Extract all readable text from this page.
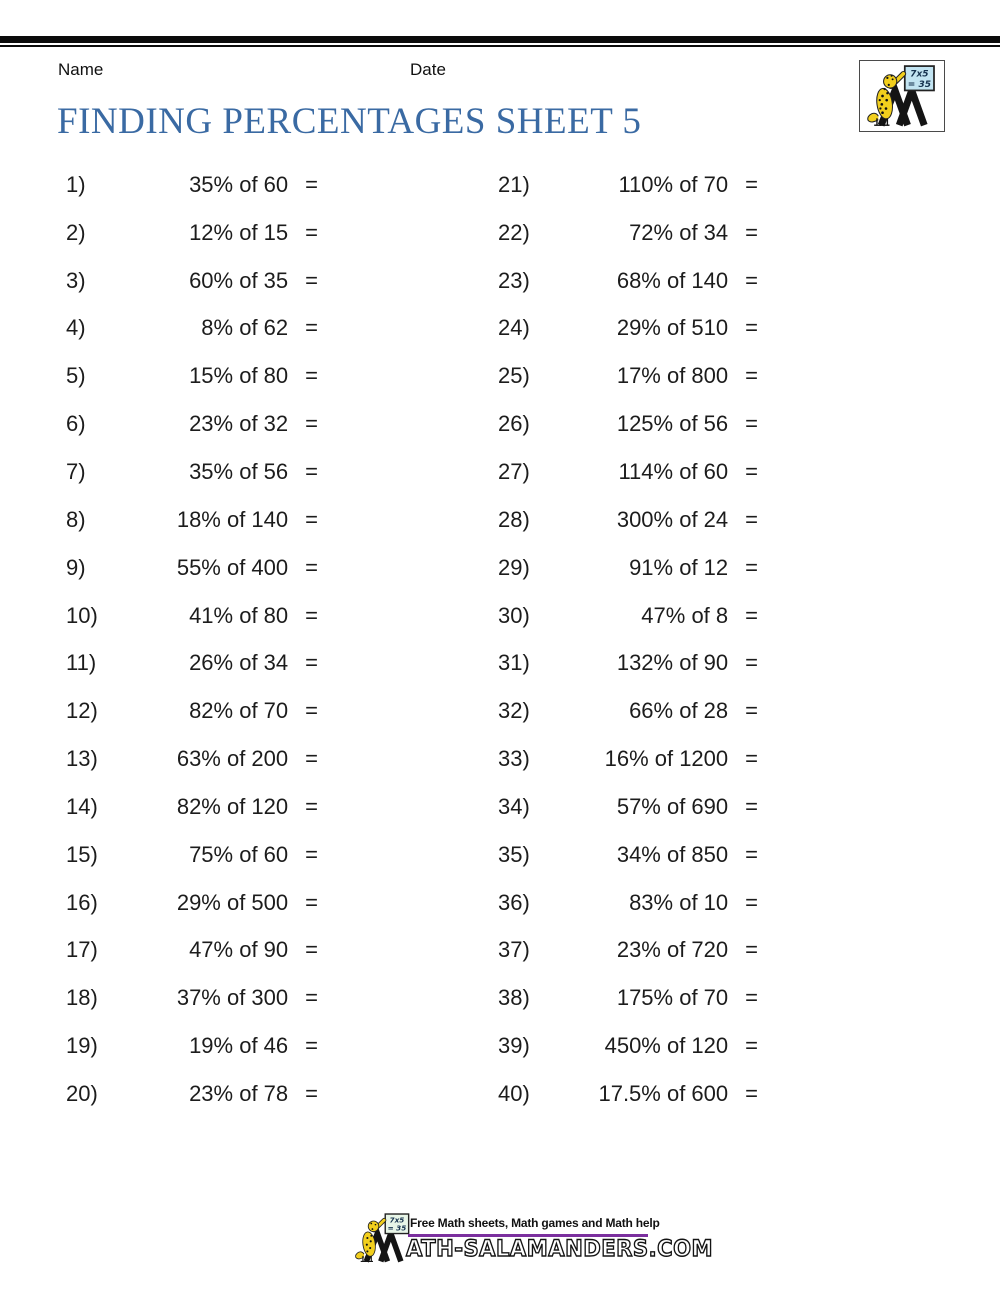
Name	Date
FINDING PERCENTAGES SHEET 5
7x5
= 35
1)	35% of 60 =
2)	12% of 15 =
3)	60% of 35 =
4)	8% of 62 =
5)	15% of 80 =
6)	23% of 32 =
7)	35% of 56 =
8)	18% of 140 =
9)	55% of 400 =
10)	41% of 80 =
11)	26% of 34 =
12)	82% of 70 =
13)	63% of 200 =
14)	82% of 120 =
15)	75% of 60 =
16)	29% of 500 =
17)	47% of 90 =
18)	37% of 300 =
19)	19% of 46 =
20)	23% of 78 =
21)	110% of 70 =
22)	72% of 34 =
23)	68% of 140 =
24)	29% of 510 =
25)	17% of 800 =
26)	125% of 56 =
27)	114% of 60 =
28)	300% of 24 =
29)	91% of 12 =
30)	47% of 8 =
31)	132% of 90 =
32)	66% of 28 =
33)	16% of 1200 =
34)	57% of 690 =
35)	34% of 850 =
36)	83% of 10 =
37)	23% of 720 =
38)	175% of 70 =
39)	450% of 120 =
40)	17.5% of 600 =
7x5
= 35 Free Math sheets, Math games and Math help
ATH-SALAMANDERS.COM
